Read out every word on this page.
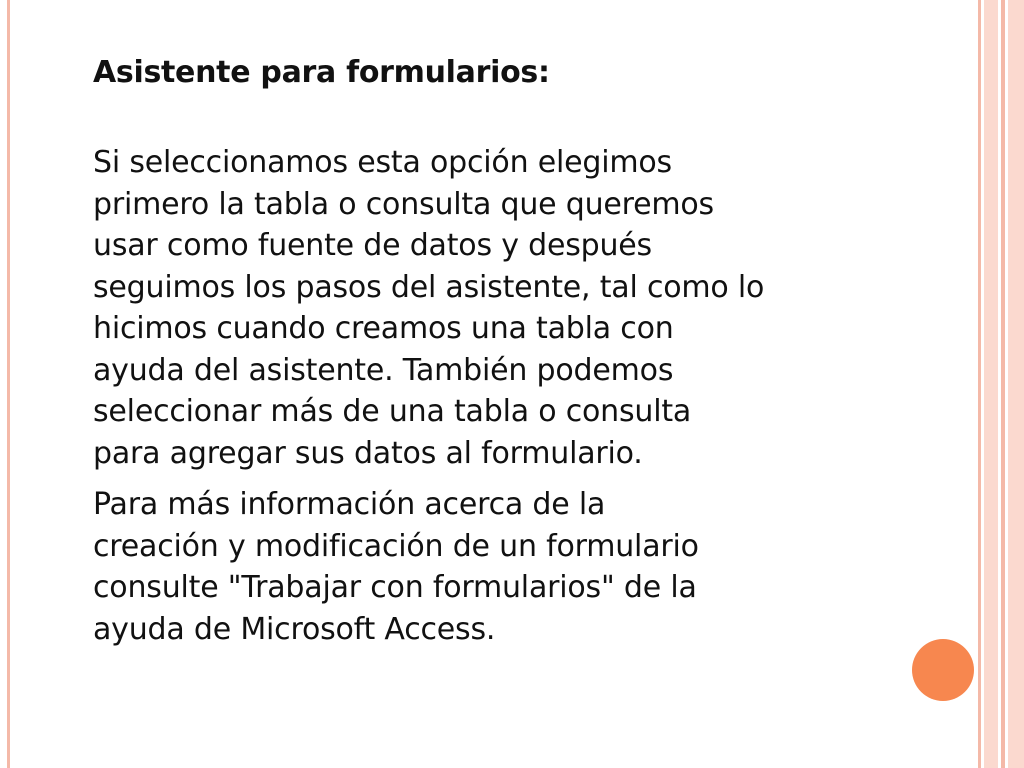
Asistente para formularios:
Si seleccionamos esta opción elegimos
primero la tabla o consulta que queremos
usar como fuente de datos y después
seguimos los pasos del asistente, tal como lo
hicimos cuando creamos una tabla con
ayuda del asistente. También podemos
seleccionar más de una tabla o consulta
para agregar sus datos al formulario.
Para más información acerca de la
creación y modificación de un formulario
consulte "Trabajar con formularios" de la
ayuda de Microsoft Access.
